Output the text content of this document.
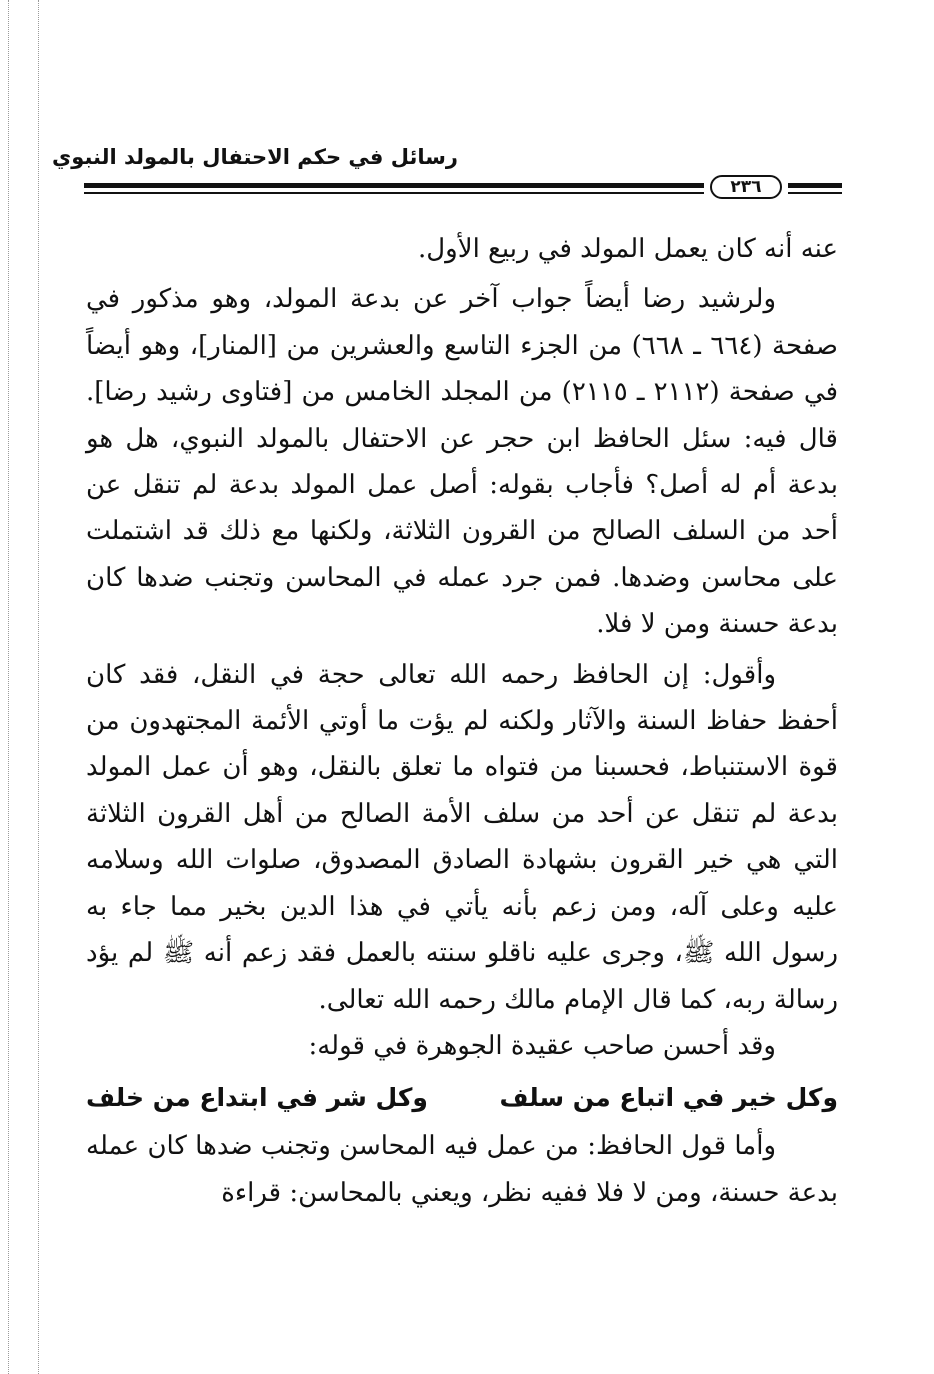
رسائل في حكم الاحتفال بالمولد النبوي
٢٣٦

عنه أنه كان يعمل المولد في ربيع الأول.

ولرشيد رضا أيضاً جواب آخر عن بدعة المولد، وهو مذكور في صفحة (٦٦٤ ـ ٦٦٨) من الجزء التاسع والعشرين من [المنار]، وهو أيضاً في صفحة (٢١١٢ ـ ٢١١٥) من المجلد الخامس من [فتاوى رشيد رضا]. قال فيه: سئل الحافظ ابن حجر عن الاحتفال بالمولد النبوي، هل هو بدعة أم له أصل؟ فأجاب بقوله: أصل عمل المولد بدعة لم تنقل عن أحد من السلف الصالح من القرون الثلاثة، ولكنها مع ذلك قد اشتملت على محاسن وضدها. فمن جرد عمله في المحاسن وتجنب ضدها كان بدعة حسنة ومن لا فلا.

وأقول: إن الحافظ رحمه الله تعالى حجة في النقل، فقد كان أحفظ حفاظ السنة والآثار ولكنه لم يؤت ما أوتي الأئمة المجتهدون من قوة الاستنباط، فحسبنا من فتواه ما تعلق بالنقل، وهو أن عمل المولد بدعة لم تنقل عن أحد من سلف الأمة الصالح من أهل القرون الثلاثة التي هي خير القرون بشهادة الصادق المصدوق، صلوات الله وسلامه عليه وعلى آله، ومن زعم بأنه يأتي في هذا الدين بخير مما جاء به رسول الله ﷺ، وجرى عليه ناقلو سنته بالعمل فقد زعم أنه ﷺ لم يؤد رسالة ربه، كما قال الإمام مالك رحمه الله تعالى.

وقد أحسن صاحب عقيدة الجوهرة في قوله:

وكل خير في اتباع من سلف
وكل شر في ابتداع من خلف

وأما قول الحافظ: من عمل فيه المحاسن وتجنب ضدها كان عمله بدعة حسنة، ومن لا فلا ففيه نظر، ويعني بالمحاسن: قراءة
